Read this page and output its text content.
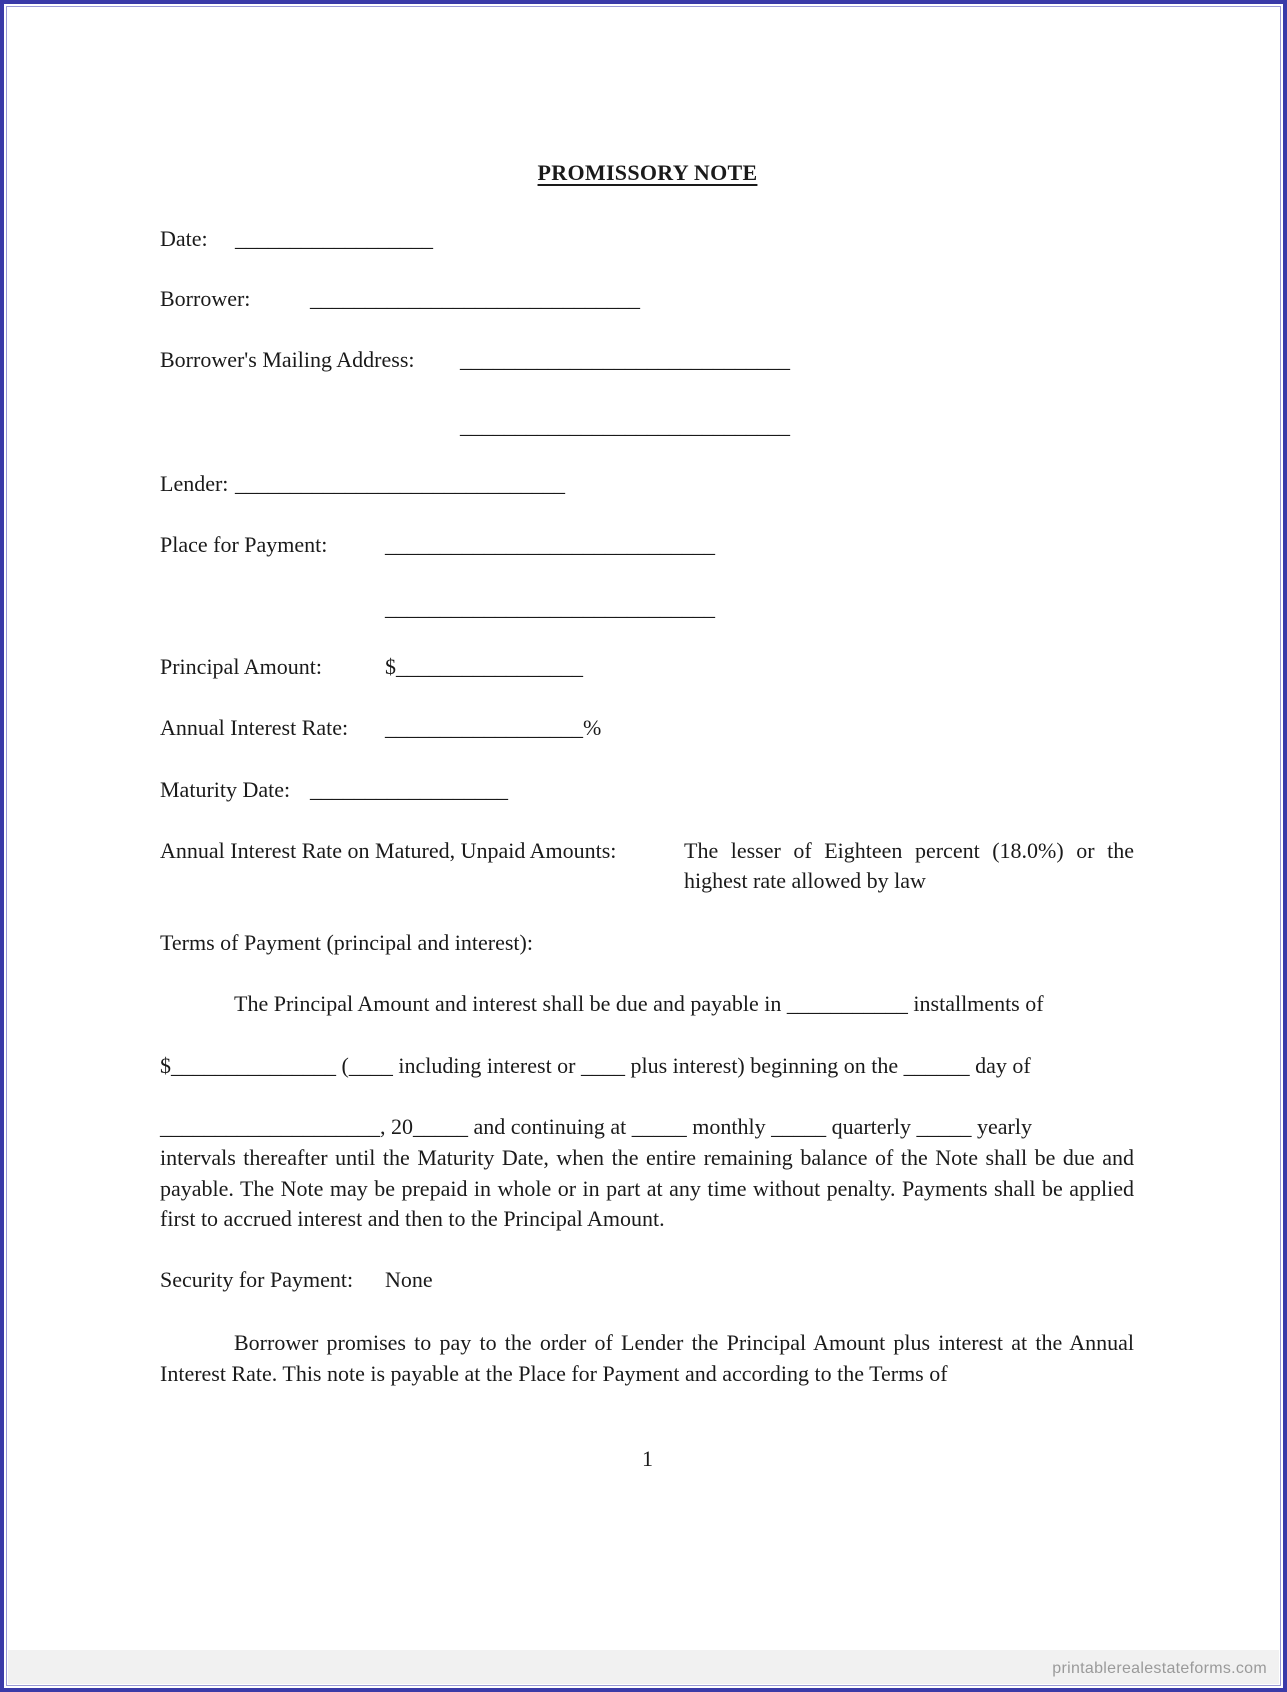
PROMISSORY NOTE
Date: __________________
Borrower:	______________________________
Borrower's Mailing Address: ______________________________
______________________________
Lender: ______________________________
Place for Payment:	______________________________
______________________________
Principal Amount:	$_________________
Annual Interest Rate: __________________%
Maturity Date: __________________
Annual Interest Rate on Matured, Unpaid Amounts:	The lesser of Eighteen percent (18.0%) or the
highest rate allowed by law
Terms of Payment (principal and interest):
The Principal Amount and interest shall be due and payable in ___________ installments of
$_______________ (____ including interest or ____ plus interest) beginning on the ______ day of
____________________, 20_____ and continuing at _____ monthly _____ quarterly _____ yearly
intervals thereafter until the Maturity Date, when the entire remaining balance of the Note shall be due and payable. The Note may be prepaid in whole or in part at any time without penalty. Payments shall be applied first to accrued interest and then to the Principal Amount.
Security for Payment: None
Borrower promises to pay to the order of Lender the Principal Amount plus interest at the Annual Interest Rate. This note is payable at the Place for Payment and according to the Terms of
1
printablerealestateforms.com
